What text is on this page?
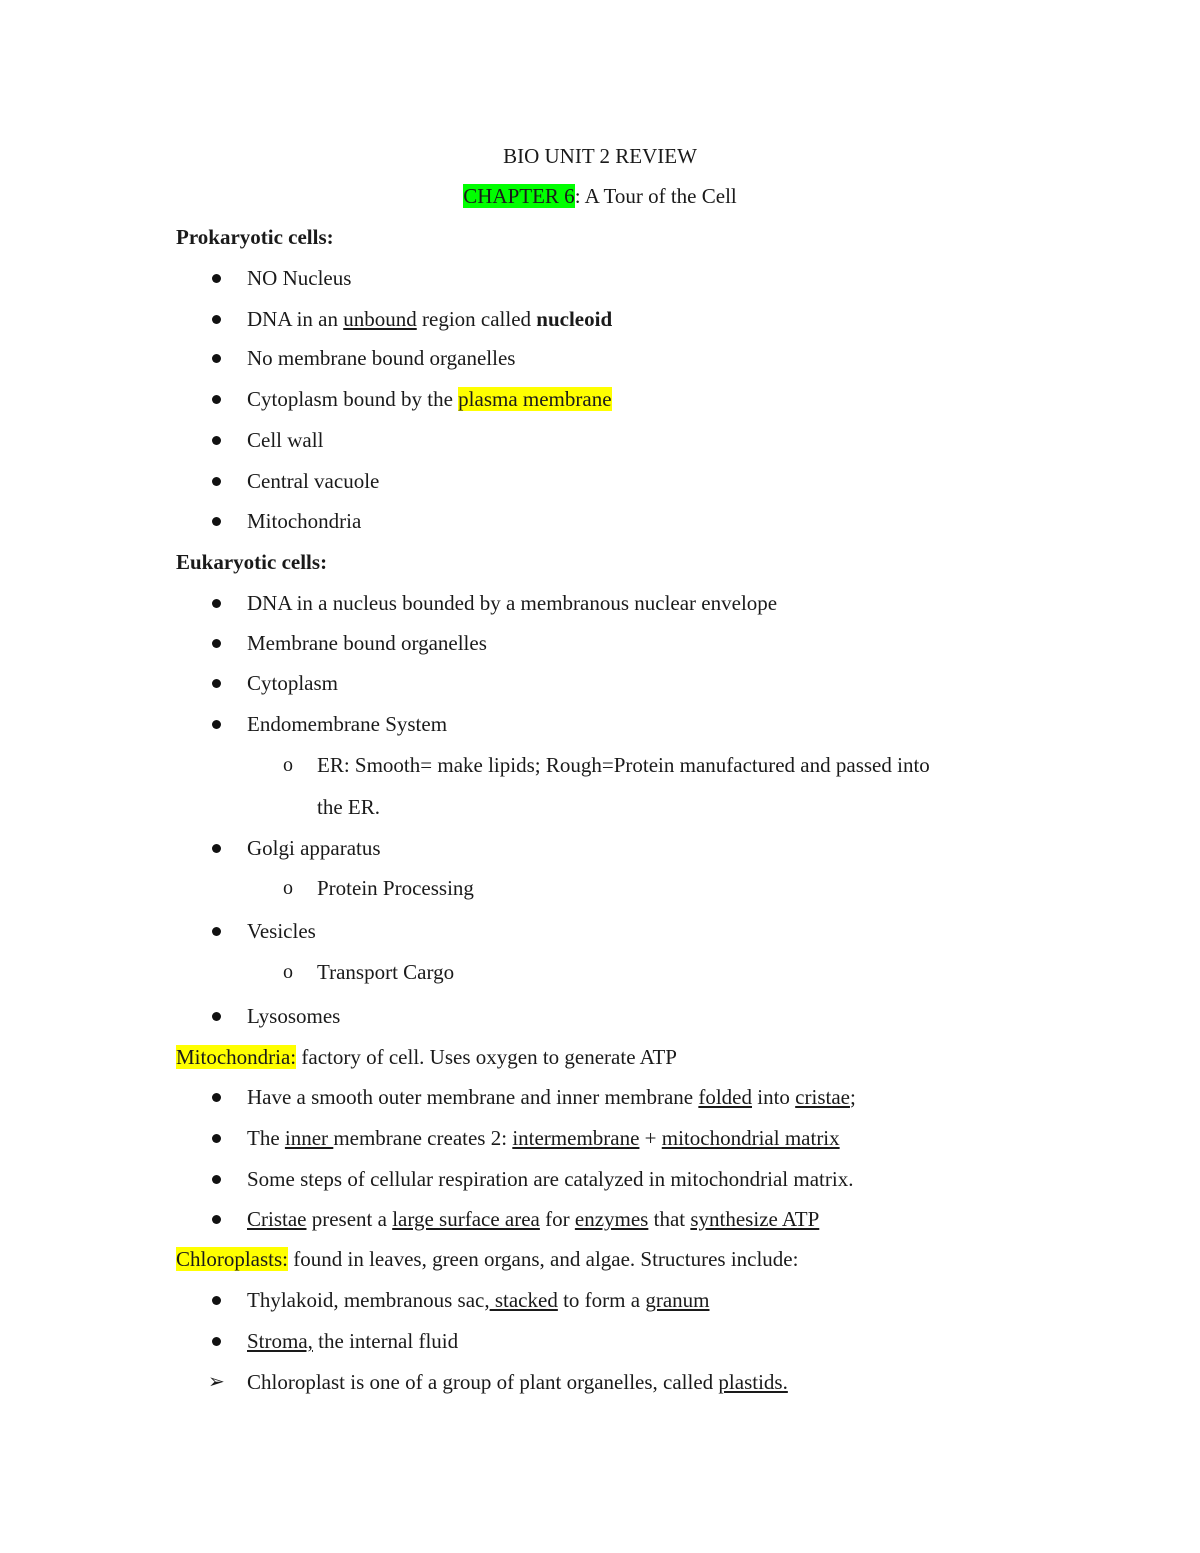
BIO UNIT 2 REVIEW
CHAPTER 6: A Tour of the Cell
Prokaryotic cells:
NO Nucleus
DNA in an unbound region called nucleoid
No membrane bound organelles
Cytoplasm bound by the plasma membrane
Cell wall
Central vacuole
Mitochondria
Eukaryotic cells:
DNA in a nucleus bounded by a membranous nuclear envelope
Membrane bound organelles
Cytoplasm
Endomembrane System
o ER: Smooth= make lipids; Rough=Protein manufactured and passed into
the ER.
Golgi apparatus
o Protein Processing
Vesicles
o Transport Cargo
Lysosomes
Mitochondria: factory of cell. Uses oxygen to generate ATP
Have a smooth outer membrane and inner membrane folded into cristae;
The inner membrane creates 2: intermembrane + mitochondrial matrix
Some steps of cellular respiration are catalyzed in mitochondrial matrix.
Cristae present a large surface area for enzymes that synthesize ATP
Chloroplasts: found in leaves, green organs, and algae. Structures include:
Thylakoid, membranous sac, stacked to form a granum
Stroma, the internal fluid
➢ Chloroplast is one of a group of plant organelles, called plastids.
